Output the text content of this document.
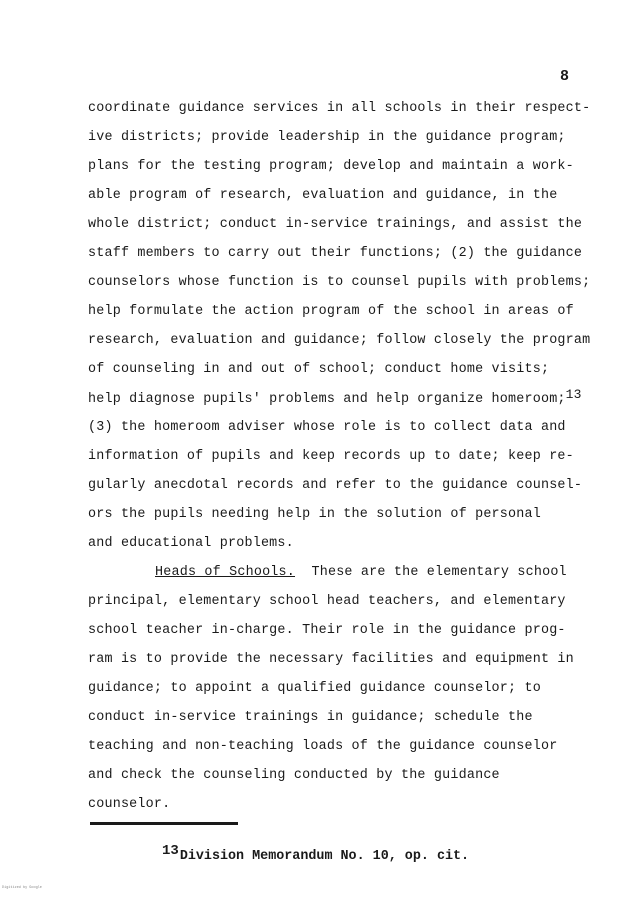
8
coordinate guidance services in all schools in their respect-
ive districts; provide leadership in the guidance program;
plans for the testing program; develop and maintain a work-
able program of research, evaluation and guidance, in the
whole district; conduct in-service trainings, and assist the
staff members to carry out their functions; (2) the guidance
counselors whose function is to counsel pupils with problems;
help formulate the action program of the school in areas of
research, evaluation and guidance; follow closely the program
of counseling in and out of school; conduct home visits;
help diagnose pupils' problems and help organize homeroom;$^{13}$
(3) the homeroom adviser whose role is to collect data and
information of pupils and keep records up to date; keep re-
gularly anecdotal records and refer to the guidance counsel-
ors the pupils needing help in the solution of personal
and educational problems.
Heads of Schools.  These are the elementary school
principal, elementary school head teachers, and elementary
school teacher in-charge. Their role in the guidance prog-
ram is to provide the necessary facilities and equipment in
guidance; to appoint a qualified guidance counselor; to
conduct in-service trainings in guidance; schedule the
teaching and non-teaching loads of the guidance counselor
and check the counseling conducted by the guidance
counselor.
13Division Memorandum No. 10, op. cit.
Digitized by Google
